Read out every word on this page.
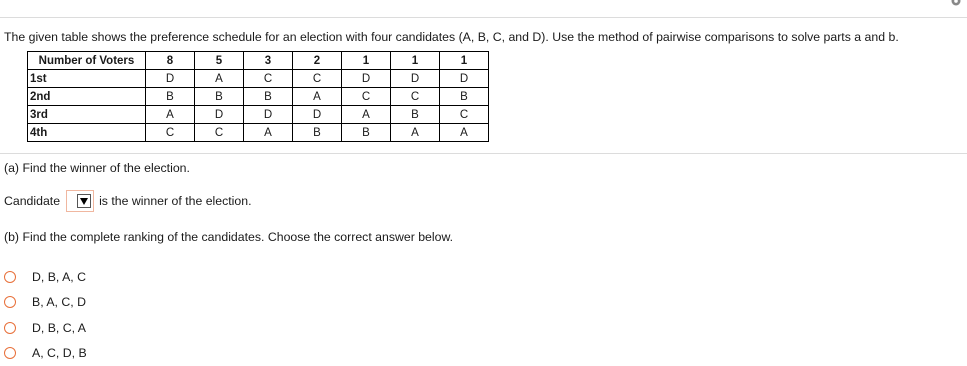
The given table shows the preference schedule for an election with four candidates (A, B, C, and D). Use the method of pairwise comparisons to solve parts a and b.
Number of Voters	8	5	3	2	1	1	1
1st	D	A	C	C	D	D	D
2nd	B	B	B	A	C	C	B
3rd	A	D	D	D	A	B	C
4th	C	C	A	B	B	A	A
(a) Find the winner of the election.
Candidate	is the winner of the election.
(b) Find the complete ranking of the candidates. Choose the correct answer below.
D, B, A, C
B, A, C, D
D, B, C, A
A, C, D, B
